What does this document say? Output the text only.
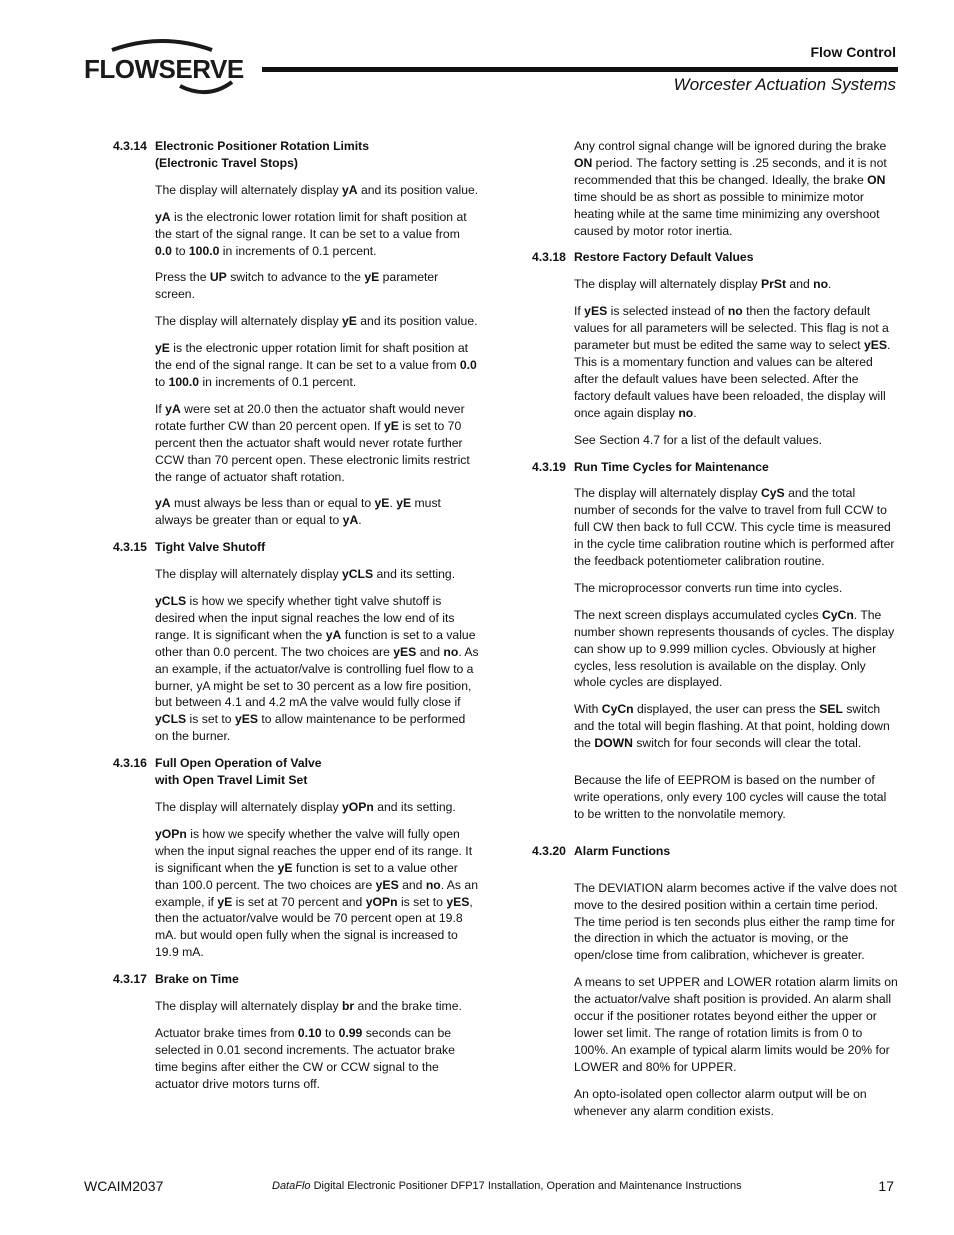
FLOWSERVE
Flow Control
Worcester Actuation Systems
4.3.14 Electronic Positioner Rotation Limits
(Electronic Travel Stops)
The display will alternately display yA and its position value.
yA is the electronic lower rotation limit for shaft position at the start of the signal range. It can be set to a value from 0.0 to 100.0 in increments of 0.1 percent.
Press the UP switch to advance to the yE parameter screen.
The display will alternately display yE and its position value.
yE is the electronic upper rotation limit for shaft position at the end of the signal range. It can be set to a value from 0.0 to 100.0 in increments of 0.1 percent.
If yA were set at 20.0 then the actuator shaft would never rotate further CW than 20 percent open. If yE is set to 70 percent then the actuator shaft would never rotate further CCW than 70 percent open. These electronic limits restrict the range of actuator shaft rotation.
yA must always be less than or equal to yE. yE must always be greater than or equal to yA.
4.3.15 Tight Valve Shutoff
The display will alternately display yCLS and its setting.
yCLS is how we specify whether tight valve shutoff is desired when the input signal reaches the low end of its range. It is significant when the yA function is set to a value other than 0.0 percent. The two choices are yES and no. As an example, if the actuator/valve is controlling fuel flow to a burner, yA might be set to 30 percent as a low fire position, but between 4.1 and 4.2 mA the valve would fully close if yCLS is set to yES to allow maintenance to be performed on the burner.
4.3.16 Full Open Operation of Valve
with Open Travel Limit Set
The display will alternately display yOPn and its setting.
yOPn is how we specify whether the valve will fully open when the input signal reaches the upper end of its range. It is significant when the yE function is set to a value other than 100.0 percent. The two choices are yES and no. As an example, if yE is set at 70 percent and yOPn is set to yES, then the actuator/valve would be 70 percent open at 19.8 mA. but would open fully when the signal is increased to 19.9 mA.
4.3.17 Brake on Time
The display will alternately display br and the brake time.
Actuator brake times from 0.10 to 0.99 seconds can be selected in 0.01 second increments. The actuator brake time begins after either the CW or CCW signal to the actuator drive motors turns off.
Any control signal change will be ignored during the brake ON period. The factory setting is .25 seconds, and it is not recommended that this be changed. Ideally, the brake ON time should be as short as possible to minimize motor heating while at the same time minimizing any overshoot caused by motor rotor inertia.
4.3.18 Restore Factory Default Values
The display will alternately display PrSt and no.
If yES is selected instead of no then the factory default values for all parameters will be selected. This flag is not a parameter but must be edited the same way to select yES. This is a momentary function and values can be altered after the default values have been selected. After the factory default values have been reloaded, the display will once again display no.
See Section 4.7 for a list of the default values.
4.3.19 Run Time Cycles for Maintenance
The display will alternately display CyS and the total number of seconds for the valve to travel from full CCW to full CW then back to full CCW. This cycle time is measured in the cycle time calibration routine which is performed after the feedback potentiometer calibration routine.
The microprocessor converts run time into cycles.
The next screen displays accumulated cycles CyCn. The number shown represents thousands of cycles. The display can show up to 9.999 million cycles. Obviously at higher cycles, less resolution is available on the display. Only whole cycles are displayed.
With CyCn displayed, the user can press the SEL switch and the total will begin flashing. At that point, holding down the DOWN switch for four seconds will clear the total.
Because the life of EEPROM is based on the number of write operations, only every 100 cycles will cause the total to be written to the nonvolatile memory.
4.3.20 Alarm Functions
The DEVIATION alarm becomes active if the valve does not move to the desired position within a certain time period. The time period is ten seconds plus either the ramp time for the direction in which the actuator is moving, or the open/close time from calibration, whichever is greater.
A means to set UPPER and LOWER rotation alarm limits on the actuator/valve shaft position is provided. An alarm shall occur if the positioner rotates beyond either the upper or lower set limit. The range of rotation limits is from 0 to 100%. An example of typical alarm limits would be 20% for LOWER and 80% for UPPER.
An opto-isolated open collector alarm output will be on whenever any alarm condition exists.
WCAIM2037	DataFlo Digital Electronic Positioner DFP17 Installation, Operation and Maintenance Instructions	17
